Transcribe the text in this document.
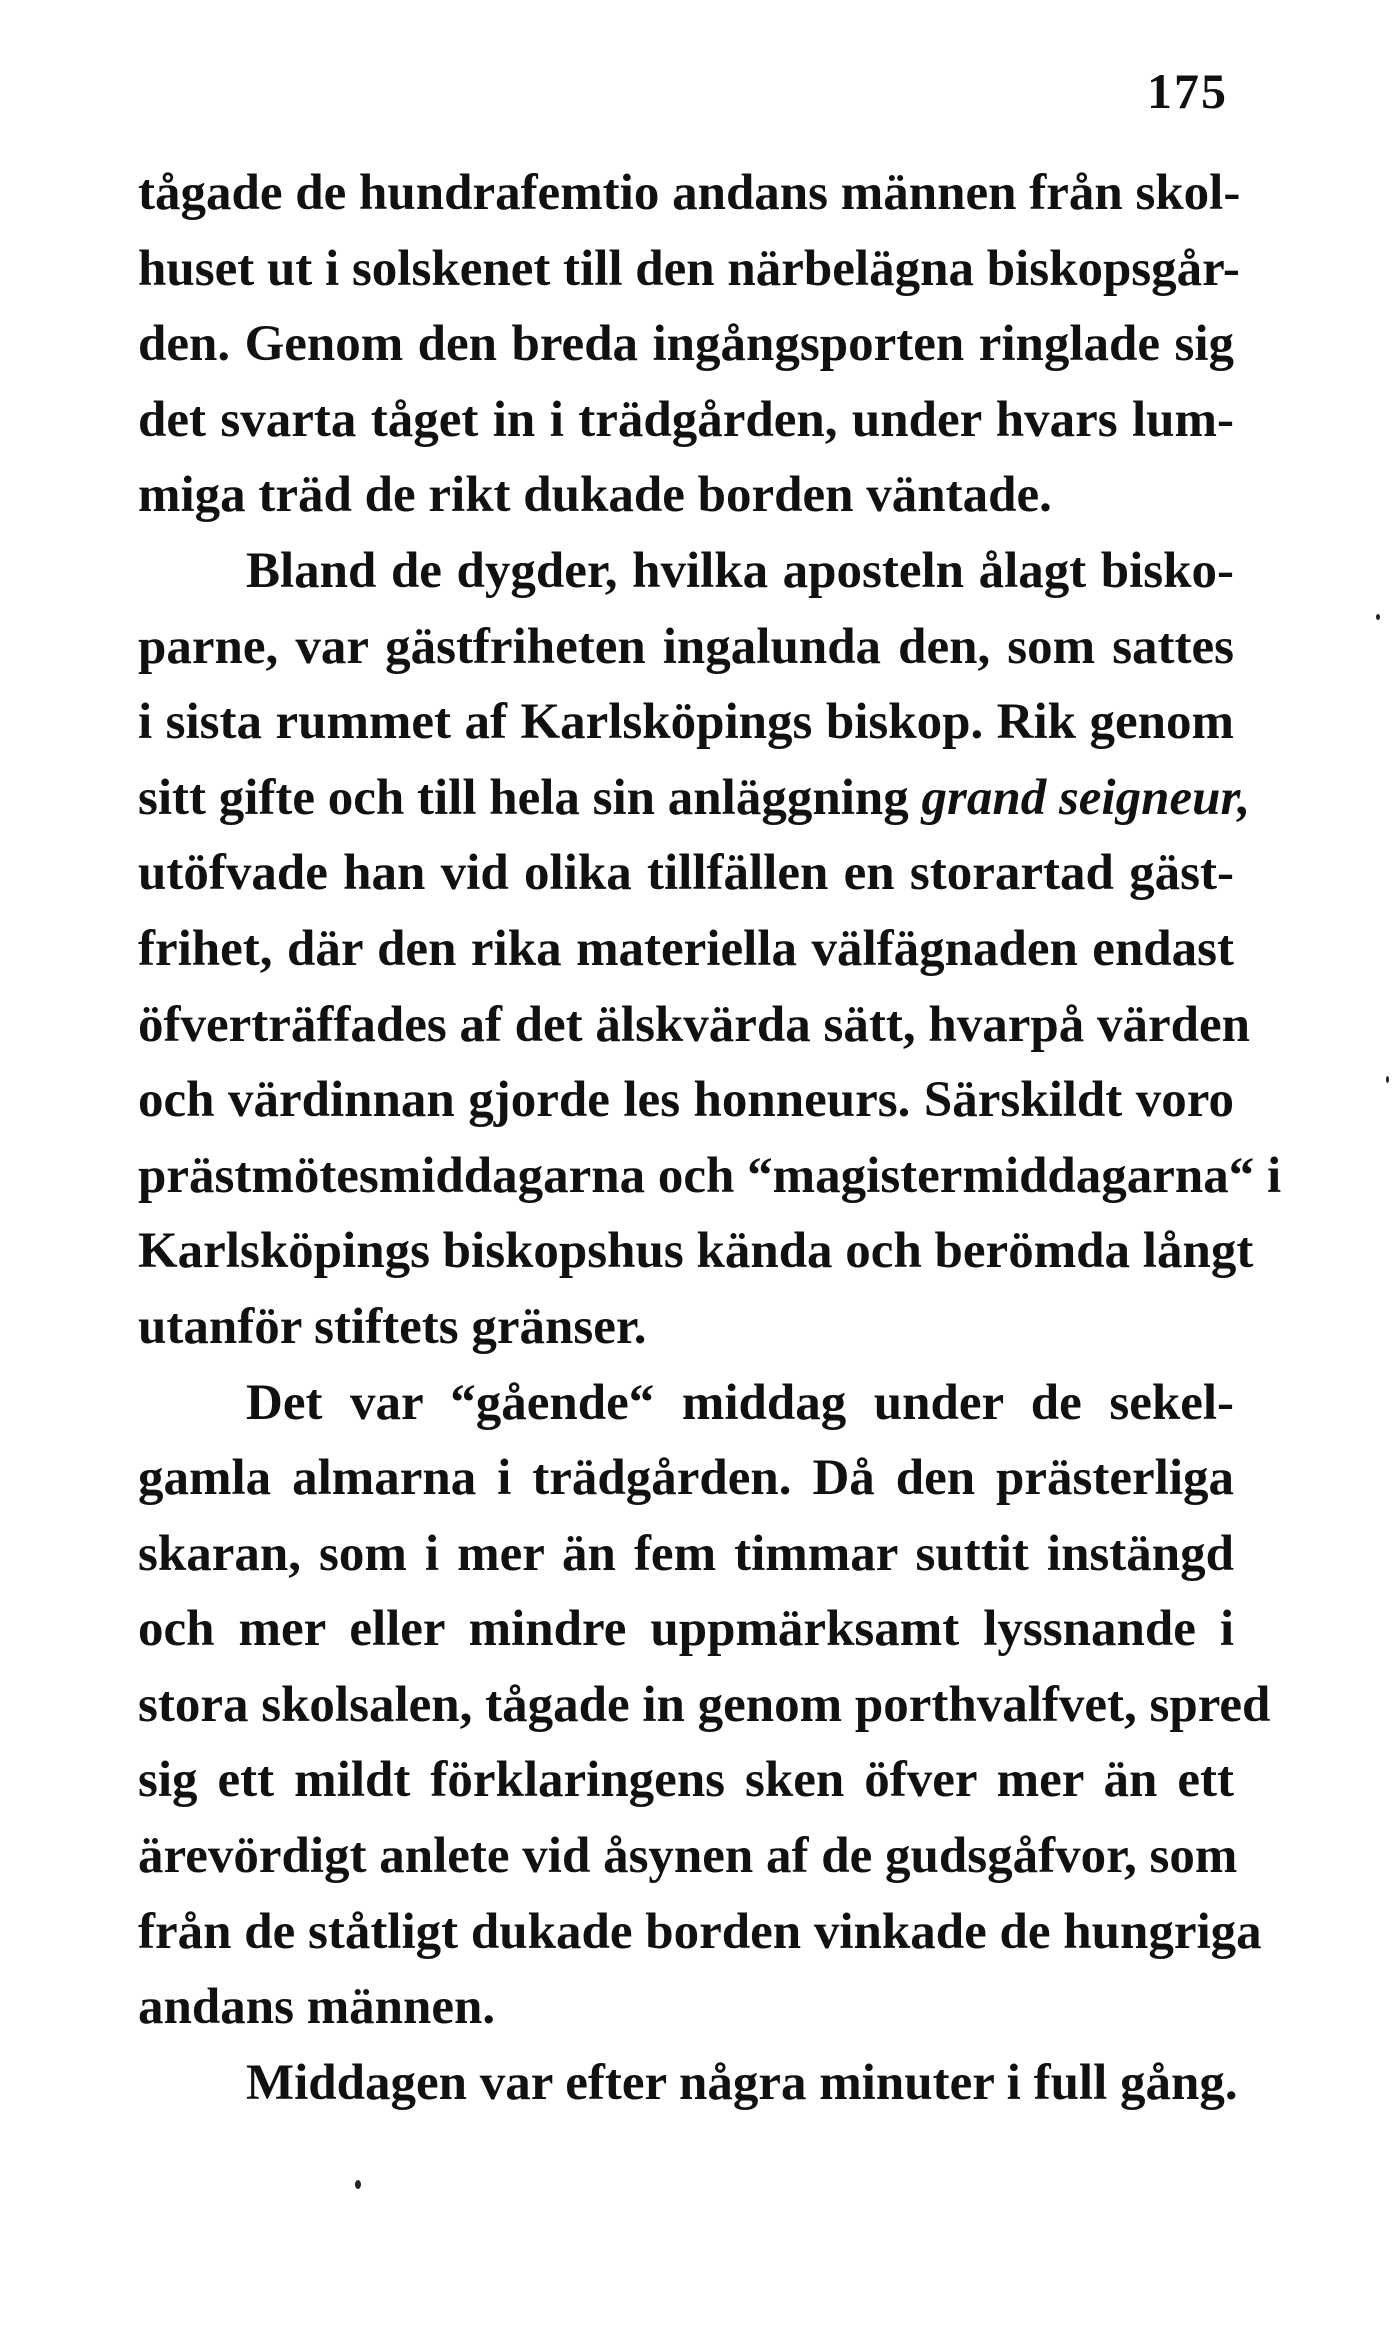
175
tågade de hundrafemtio andans männen från skol-
huset ut i solskenet till den närbelägna biskopsgår-
den. Genom den breda ingångsporten ringlade sig
det svarta tåget in i trädgården, under hvars lum-
miga träd de rikt dukade borden väntade.
Bland de dygder, hvilka aposteln ålagt bisko-
parne, var gästfriheten ingalunda den, som sattes
i sista rummet af Karlsköpings biskop. Rik genom
sitt gifte och till hela sin anläggning grand seigneur,
utöfvade han vid olika tillfällen en storartad gäst-
frihet, där den rika materiella välfägnaden endast
öfverträffades af det älskvärda sätt, hvarpå värden
och värdinnan gjorde les honneurs. Särskildt voro
prästmötesmiddagarna och “magistermiddagarna“ i
Karlsköpings biskopshus kända och berömda långt
utanför stiftets gränser.
Det var “gående“ middag under de sekel-
gamla almarna i trädgården. Då den prästerliga
skaran, som i mer än fem timmar suttit instängd
och mer eller mindre uppmärksamt lyssnande i
stora skolsalen, tågade in genom porthvalfvet, spred
sig ett mildt förklaringens sken öfver mer än ett
ärevördigt anlete vid åsynen af de gudsgåfvor, som
från de ståtligt dukade borden vinkade de hungriga
andans männen.
Middagen var efter några minuter i full gång.
